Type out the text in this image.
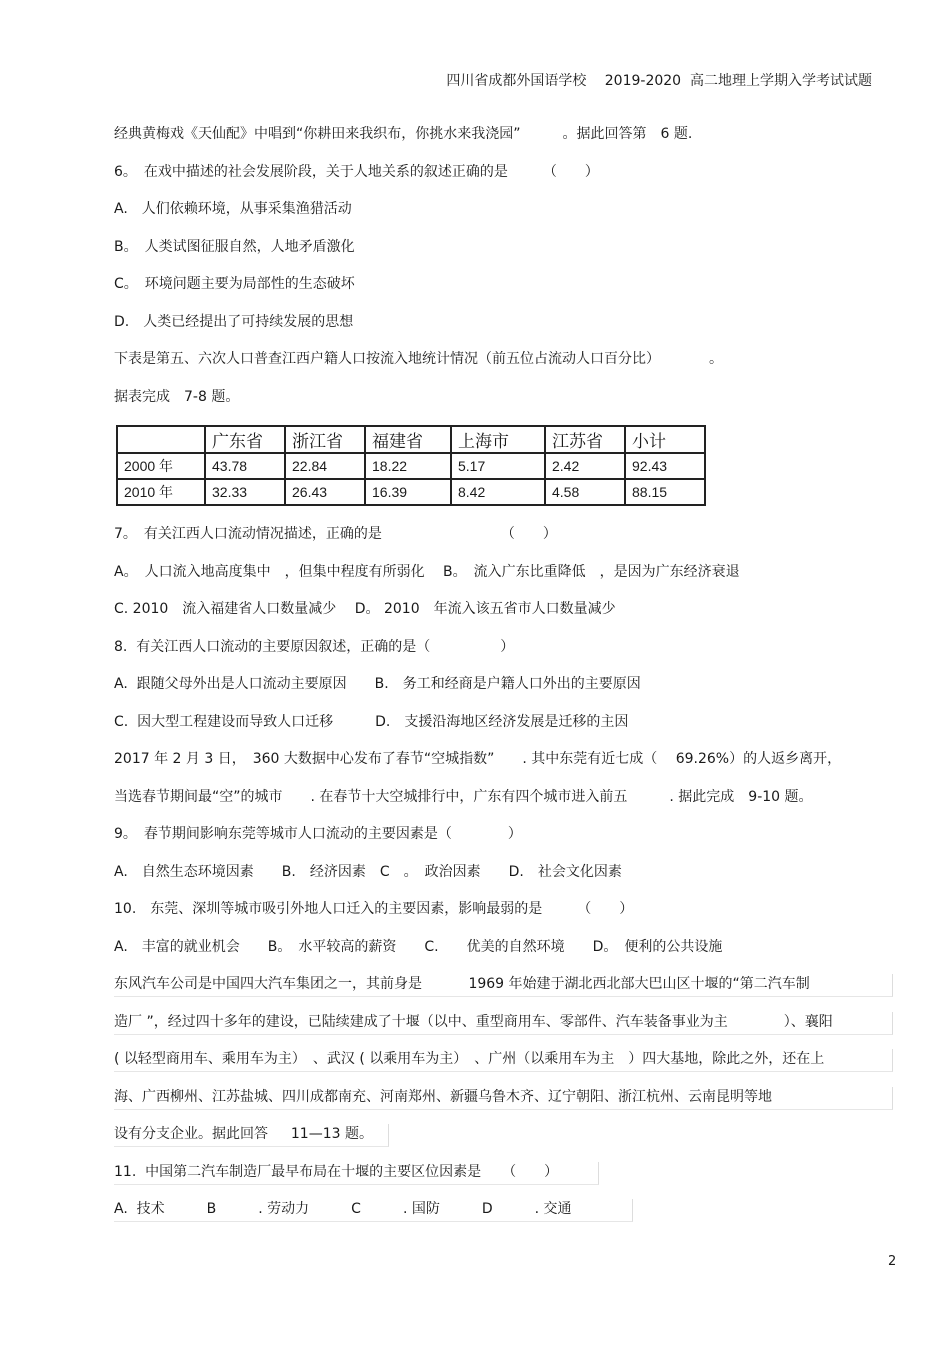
四川省成都外国语学校　 2019-2020  高二地理上学期入学考试试题
经典黄梅戏《天仙配》中唱到“你耕田来我织布，你挑水来我浇园”　　　。据此回答第　6 题.
6。　在戏中描述的社会发展阶段，关于人地关系的叙述正确的是　　　（　　）
A.　人们依赖环境，从事采集渔猎活动
B。　人类试图征服自然，人地矛盾激化
C。　环境问题主要为局部性的生态破坏
D.　人类已经提出了可持续发展的思想
下表是第五、六次人口普查江西户籍人口按流入地统计情况（前五位占流动人口百分比）　　　　。
据表完成　7-8 题。
	广东省	浙江省	福建省	上海市	江苏省	小计
2000 年	43.78	22.84	18.22	5.17	2.42	92.43
2010 年	32.33	26.43	16.39	8.42	4.58	88.15
7。　有关江西人口流动情况描述，正确的是　　　　　　　　　（　　）
A。　人口流入地高度集中　，但集中程度有所弱化　 B。　流入广东比重降低　，是因为广东经济衰退
C. 2010　流入福建省人口数量减少　 D。 2010　年流入该五省市人口数量减少
8.  有关江西人口流动的主要原因叙述，正确的是（　　　　　）
A.  跟随父母外出是人口流动主要原因　　B.　务工和经商是户籍人口外出的主要原因
C.  因大型工程建设而导致人口迁移　　　D.　支援沿海地区经济发展是迁移的主因
2017 年 2 月 3 日，　360 大数据中心发布了春节“空城指数”　　. 其中东莞有近七成（　 69.26%）的人返乡离开，
当选春节期间最“空”的城市　　. 在春节十大空城排行中，广东有四个城市进入前五　　　. 据此完成　9-10 题。
9。　春节期间影响东莞等城市人口流动的主要因素是（　　　　）
A.　自然生态环境因素　　B.　经济因素　C　。　政治因素　　D.　社会文化因素
10.　东莞、深圳等城市吸引外地人口迁入的主要因素，影响最弱的是　　　（　　）
A.　丰富的就业机会　　B。　水平较高的薪资　　C.　　优美的自然环境　　D。　便利的公共设施
东风汽车公司是中国四大汽车集团之一，其前身是　　　 1969 年始建于湖北西北部大巴山区十堰的“第二汽车制
造厂 ”，经过四十多年的建设，已陆续建成了十堰（以中、重型商用车、零部件、汽车装备事业为主　　　　）、襄阳
( 以轻型商用车、乘用车为主）　、武汉 ( 以乘用车为主）　、广州（以乘用车为主　）四大基地，除此之外，还在上
海、广西柳州、江苏盐城、四川成都南充、河南郑州、新疆乌鲁木齐、辽宁朝阳、浙江杭州、云南昆明等地
设有分支企业。据此回答　  11—13 题。
11.  中国第二汽车制造厂最早布局在十堰的主要区位因素是　　（　　）
A.  技术　　　B　　　. 劳动力　　　C　　　. 国防　　　D　　　. 交通
2
